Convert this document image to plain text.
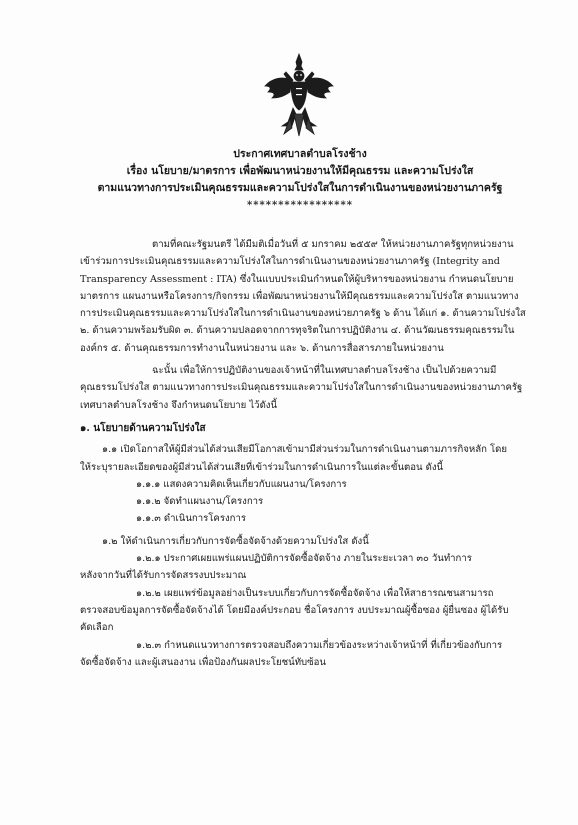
ประกาศเทศบาลตำบลโรงช้าง
เรื่อง นโยบาย/มาตรการ เพื่อพัฒนาหน่วยงานให้มีคุณธรรม และความโปร่งใส
ตามแนวทางการประเมินคุณธรรมและความโปร่งใสในการดำเนินงานของหน่วยงานภาครัฐ
*****************
ตามที่คณะรัฐมนตรี ได้มีมติเมื่อวันที่ ๕ มกราคม ๒๕๕๙ ให้หน่วยงานภาครัฐทุกหน่วยงาน
เข้าร่วมการประเมินคุณธรรมและความโปร่งใสในการดำเนินงานของหน่วยงานภาครัฐ (Integrity and
Transparency Assessment : ITA) ซึ่งในแบบประเมินกำหนดให้ผู้บริหารของหน่วยงาน กำหนดนโยบาย
มาตรการ แผนงานหรือโครงการ/กิจกรรม เพื่อพัฒนาหน่วยงานให้มีคุณธรรมและความโปร่งใส ตามแนวทาง
การประเมินคุณธรรมและความโปร่งใสในการดำเนินงานของหน่วยภาครัฐ ๖ ด้าน ได้แก่ ๑. ด้านความโปร่งใส
๒. ด้านความพร้อมรับผิด ๓. ด้านความปลอดจากการทุจริตในการปฏิบัติงาน ๔. ด้านวัฒนธรรมคุณธรรมใน
องค์กร ๕. ด้านคุณธรรมการทำงานในหน่วยงาน และ ๖. ด้านการสื่อสารภายในหน่วยงาน
ฉะนั้น เพื่อให้การปฏิบัติงานของเจ้าหน้าที่ในเทศบาลตำบลโรงช้าง เป็นไปด้วยความมี
คุณธรรมโปร่งใส ตามแนวทางการประเมินคุณธรรมและความโปร่งใสในการดำเนินงานของหน่วยงานภาครัฐ
เทศบาลตำบลโรงช้าง จึงกำหนดนโยบาย ไว้ดังนี้
๑. นโยบายด้านความโปร่งใส
๑.๑ เปิดโอกาสให้ผู้มีส่วนได้ส่วนเสียมีโอกาสเข้ามามีส่วนร่วมในการดำเนินงานตามภารกิจหลัก โดย
ให้ระบุรายละเอียดของผู้มีส่วนได้ส่วนเสียที่เข้าร่วมในการดำเนินการในแต่ละขั้นตอน ดังนี้
๑.๑.๑ แสดงความคิดเห็นเกี่ยวกับแผนงาน/โครงการ
๑.๑.๒ จัดทำแผนงาน/โครงการ
๑.๑.๓ ดำเนินการโครงการ
๑.๒ ให้ดำเนินการเกี่ยวกับการจัดซื้อจัดจ้างด้วยความโปร่งใส ดังนี้
๑.๒.๑ ประกาศเผยแพร่แผนปฏิบัติการจัดซื้อจัดจ้าง ภายในระยะเวลา ๓๐ วันทำการ
หลังจากวันที่ได้รับการจัดสรรงบประมาณ
๑.๒.๒ เผยแพร่ข้อมูลอย่างเป็นระบบเกี่ยวกับการจัดซื้อจัดจ้าง เพื่อให้สาธารณชนสามารถ
ตรวจสอบข้อมูลการจัดซื้อจัดจ้างได้ โดยมีองค์ประกอบ ชื่อโครงการ งบประมาณผู้ซื้อซอง ผู้ยื่นซอง ผู้ได้รับ
คัดเลือก
๑.๒.๓ กำหนดแนวทางการตรวจสอบถึงความเกี่ยวข้องระหว่างเจ้าหน้าที่ ที่เกี่ยวข้องกับการ
จัดซื้อจัดจ้าง และผู้เสนองาน เพื่อป้องกันผลประโยชน์ทับซ้อน
